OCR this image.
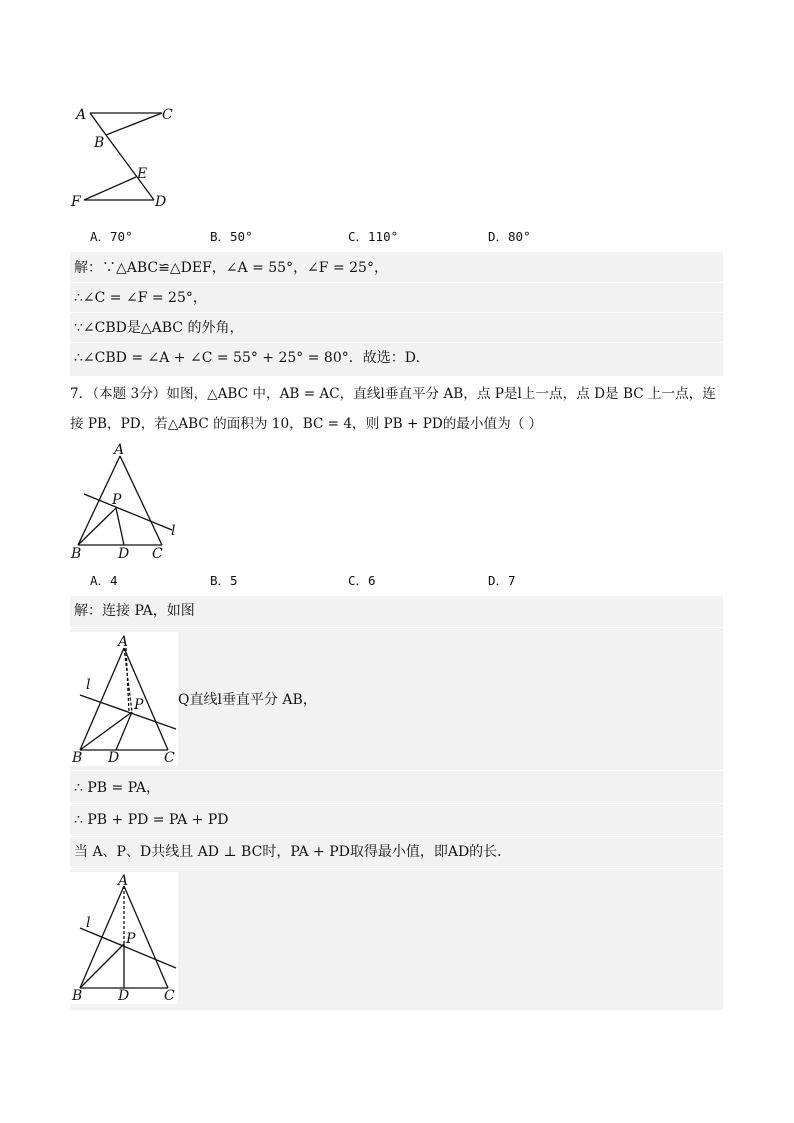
A	C
B
E
F	D
A．70°	B．50°	C．110°	D．80°
解：∵△ABC≌△DEF，∠A = 55°，∠F = 25°，
∴∠C = ∠F = 25°，
∵∠CBD是△ABC 的外角，
∴∠CBD = ∠A + ∠C = 55° + 25° = 80°．故选：D.
7．（本题 3分）如图，△ABC 中，AB = AC，直线l垂直平分 AB，点 P是l上一点，点 D是 BC 上一点，连
接 PB，PD，若△ABC 的面积为 10，BC = 4，则 PB + PD的最小值为（ ）
A
P
l
B	D C
A．4	B．5	C．6	D．7
解：连接 PA，如图
A
l
P
B D	C
Q直线l垂直平分 AB，
∴ PB = PA，
∴ PB + PD = PA + PD
当 A、P、D共线且 AD ⊥ BC时，PA + PD取得最小值，即AD的长．
A
l
P
B	D C
